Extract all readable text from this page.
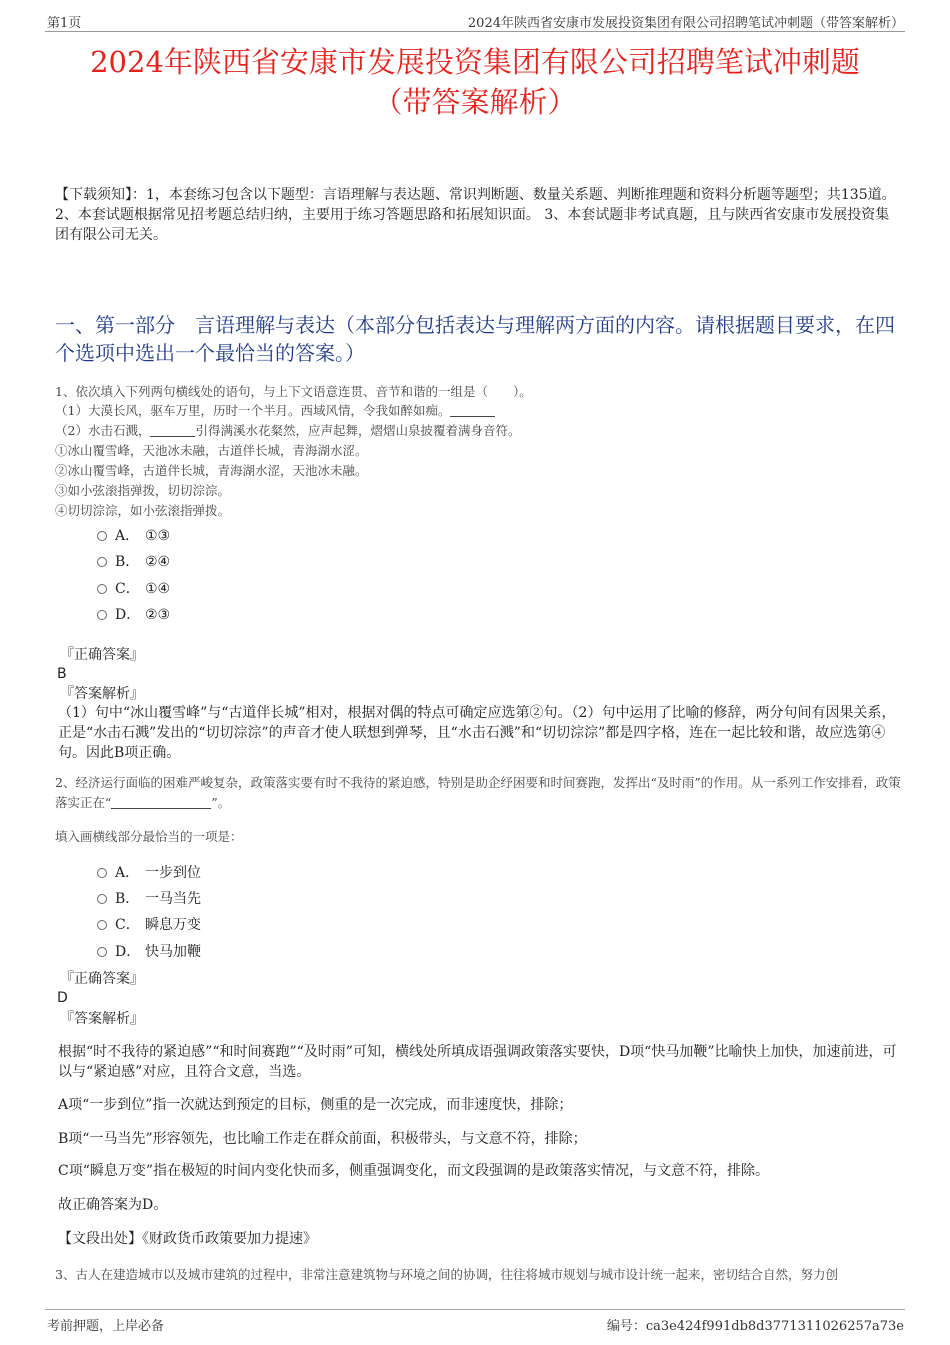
第1页	2024年陕西省安康市发展投资集团有限公司招聘笔试冲刺题（带答案解析）
2024年陕西省安康市发展投资集团有限公司招聘笔试冲刺题
（带答案解析）
【下载须知】：1，本套练习包含以下题型：言语理解与表达题、常识判断题、数量关系题、判断推理题和资料分析题等题型；共135道。 2、本套试题根据常见招考题总结归纳，主要用于练习答题思路和拓展知识面。 3、本套试题非考试真题，且与陕西省安康市发展投资集团有限公司无关。
一、第一部分　言语理解与表达（本部分包括表达与理解两方面的内容。请根据题目要求，在四个选项中选出一个最恰当的答案。）
1、依次填入下列两句横线处的语句，与上下文语意连贯、音节和谐的一组是（　　）。
（1）大漠长风，驱车万里，历时一个半月。西域风情，令我如醉如痴。
（2）水击石溅，	引得满溪水花粲然，应声起舞，熠熠山泉披覆着满身音符。
①冰山覆雪峰，天池冰未融，古道伴长城，青海湖水涩。
②冰山覆雪峰，古道伴长城，青海湖水涩，天池冰未融。
③如小弦滚指弹拨，切切淙淙。
④切切淙淙，如小弦滚指弹拨。
A． ①③
B． ②④
C． ①④
D． ②③
『正确答案』
B
『答案解析』
（1）句中“冰山覆雪峰”与“古道伴长城”相对，根据对偶的特点可确定应选第②句。（2）句中运用了比喻的修辞，两分句间有因果关系，正是“水击石溅”发出的“切切淙淙”的声音才使人联想到弹琴，且“水击石溅”和“切切淙淙”都是四字格，连在一起比较和谐，故应选第④句。因此B项正确。
2、经济运行面临的困难严峻复杂，政策落实要有时不我待的紧迫感，特别是助企纾困要和时间赛跑，发挥出“及时雨”的作用。从一系列工作安排看，政策落实正在“	”。
填入画横线部分最恰当的一项是：
A． 一步到位
B． 一马当先
C． 瞬息万变
D． 快马加鞭
『正确答案』
D
『答案解析』
根据“时不我待的紧迫感”“和时间赛跑”“及时雨”可知，横线处所填成语强调政策落实要快，D项“快马加鞭”比喻快上加快，加速前进，可以与“紧迫感”对应，且符合文意，当选。
A项“一步到位”指一次就达到预定的目标，侧重的是一次完成，而非速度快，排除；
B项“一马当先”形容领先，也比喻工作走在群众前面，积极带头，与文意不符，排除；
C项“瞬息万变”指在极短的时间内变化快而多，侧重强调变化，而文段强调的是政策落实情况，与文意不符，排除。
故正确答案为D。
【文段出处】《财政货币政策要加力提速》
3、古人在建造城市以及城市建筑的过程中，非常注意建筑物与环境之间的协调，往往将城市规划与城市设计统一起来，密切结合自然，努力创
考前押题，上岸必备	编号：ca3e424f991db8d3771311026257a73e
